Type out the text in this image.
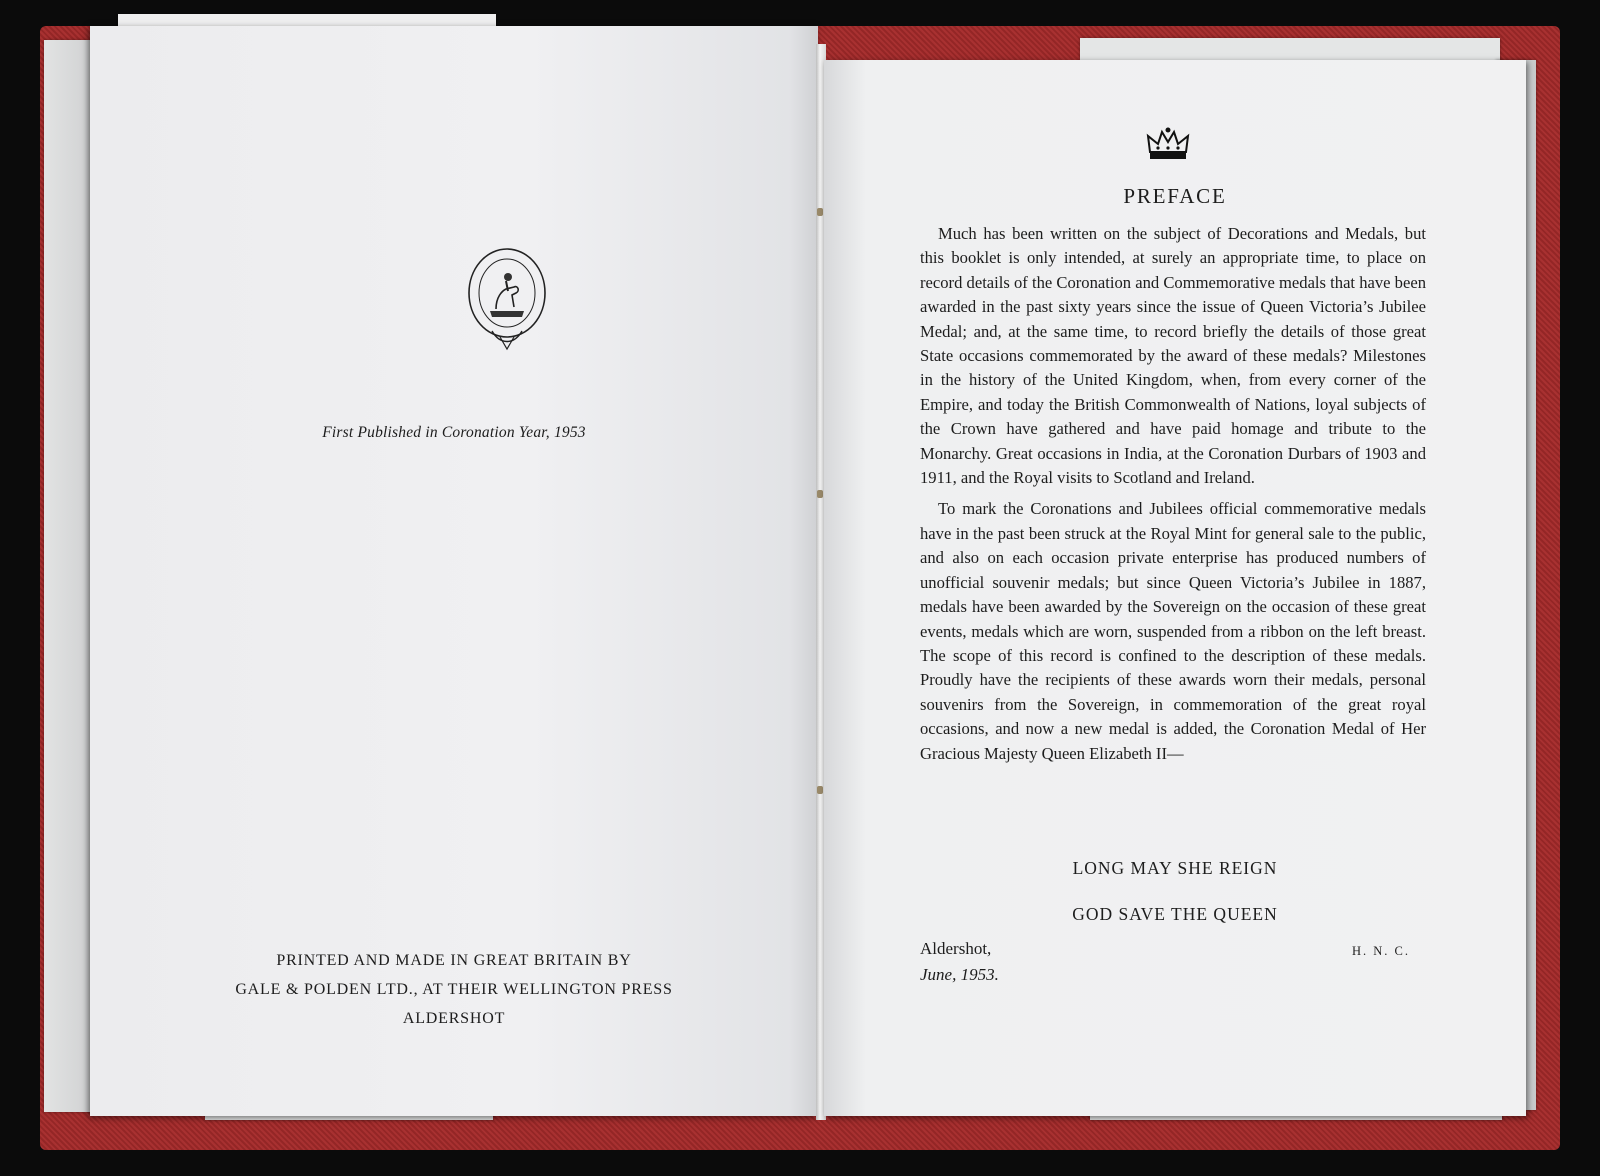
First Published in Coronation Year, 1953
PRINTED AND MADE IN GREAT BRITAIN BY
GALE & POLDEN LTD., AT THEIR WELLINGTON PRESS
ALDERSHOT
PREFACE

Much has been written on the subject of Decorations and Medals, but this booklet is only intended, at surely an appropriate time, to place on record details of the Coronation and Commemorative medals that have been awarded in the past sixty years since the issue of Queen Victoria’s Jubilee Medal; and, at the same time, to record briefly the details of those great State occasions commemorated by the award of these medals? Milestones in the history of the United Kingdom, when, from every corner of the Empire, and today the British Commonwealth of Nations, loyal subjects of the Crown have gathered and have paid homage and tribute to the Monarchy. Great occasions in India, at the Coronation Durbars of 1903 and 1911, and the Royal visits to Scotland and Ireland.

To mark the Coronations and Jubilees official commemorative medals have in the past been struck at the Royal Mint for general sale to the public, and also on each occasion private enterprise has produced numbers of unofficial souvenir medals; but since Queen Victoria’s Jubilee in 1887, medals have been awarded by the Sovereign on the occasion of these great events, medals which are worn, suspended from a ribbon on the left breast. The scope of this record is confined to the description of these medals. Proudly have the recipients of these awards worn their medals, personal souvenirs from the Sovereign, in commemoration of the great royal occasions, and now a new medal is added, the Coronation Medal of Her Gracious Majesty Queen Elizabeth II—

LONG MAY SHE REIGN
GOD SAVE THE QUEEN
Aldershot,
June, 1953.
H. N. C.
